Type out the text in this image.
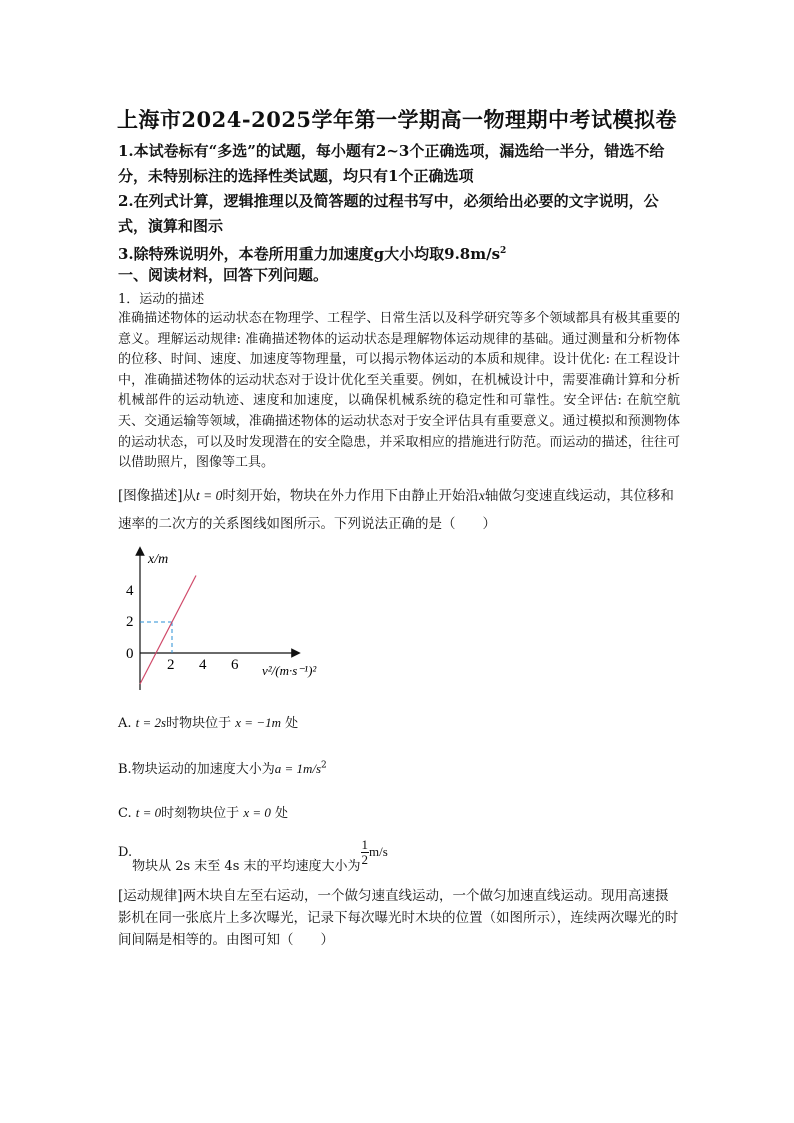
上海市2024-2025学年第一学期高一物理期中考试模拟卷
1.本试卷标有“多选”的试题，每小题有2~3个正确选项，漏选给一半分，错选不给分，未特别标注的选择性类试题，均只有1个正确选项
2.在列式计算，逻辑推理以及简答题的过程书写中，必须给出必要的文字说明，公式，演算和图示
3.除特殊说明外，本卷所用重力加速度g大小均取$9.8m/s^2$
一、阅读材料，回答下列问题。
1．运动的描述
准确描述物体的运动状态在物理学、工程学、日常生活以及科学研究等多个领域都具有极其重要的意义。理解运动规律: 准确描述物体的运动状态是理解物体运动规律的基础。通过测量和分析物体的位移、时间、速度、加速度等物理量，可以揭示物体运动的本质和规律。设计优化: 在工程设计中，准确描述物体的运动状态对于设计优化至关重要。例如，在机械设计中，需要准确计算和分析机械部件的运动轨迹、速度和加速度，以确保机械系统的稳定性和可靠性。安全评估: 在航空航天、交通运输等领域，准确描述物体的运动状态对于安全评估具有重要意义。通过模拟和预测物体的运动状态，可以及时发现潜在的安全隐患，并采取相应的措施进行防范。而运动的描述，往往可以借助照片，图像等工具。
[图像描述]从t = 0时刻开始，物块在外力作用下由静止开始沿x轴做匀变速直线运动，其位移和速率的二次方的关系图线如图所示。下列说法正确的是（　　）
x/m
4
2
0
2 4 6 v²/(m·s⁻¹)²
A. t = 2s时物块位于 x = −1m 处
B.物块运动的加速度大小为$a = 1m/s^2$
C. t = 0时刻物块位于 x = 0 处
D.物块从 2s 末至 4s 末的平均速度大小为 $\frac{1}{2} m/s$
[运动规律]两木块自左至右运动，一个做匀速直线运动，一个做匀加速直线运动。现用高速摄影机在同一张底片上多次曝光，记录下每次曝光时木块的位置（如图所示），连续两次曝光的时间间隔是相等的。由图可知（　　）
